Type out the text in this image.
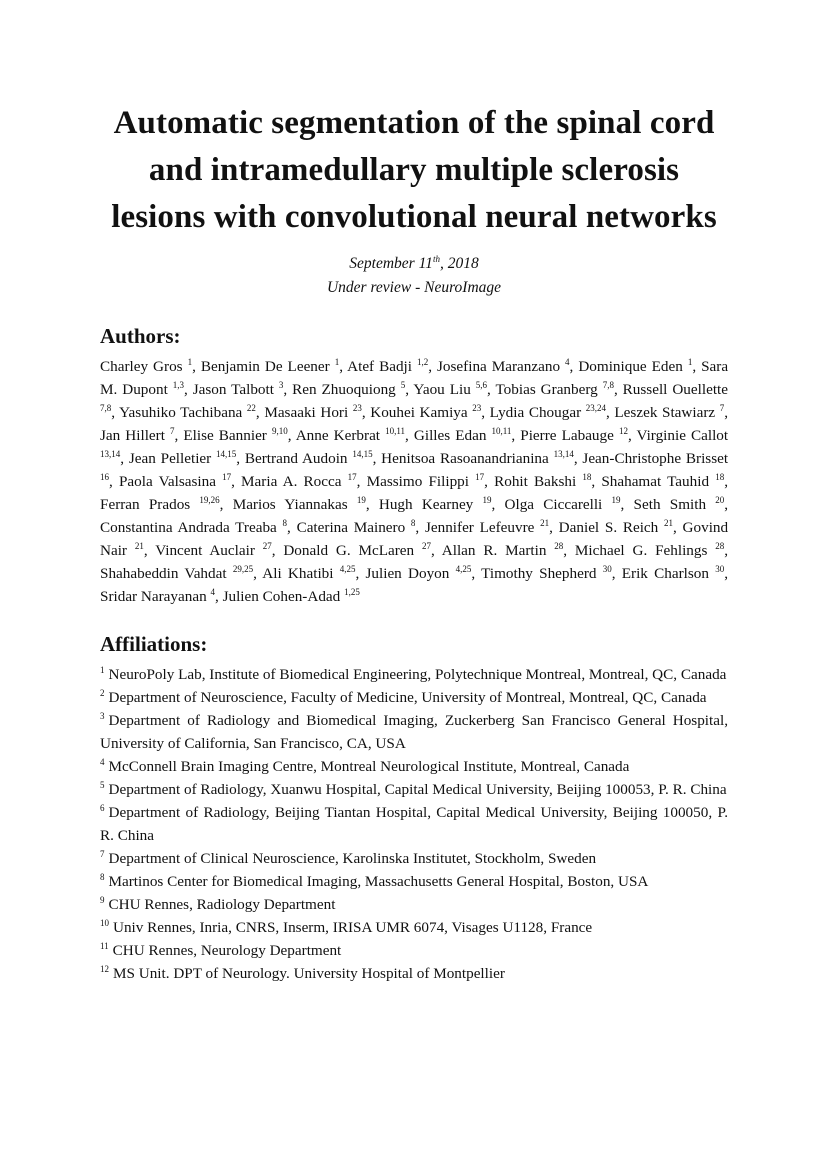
Automatic segmentation of the spinal cord and intramedullary multiple sclerosis lesions with convolutional neural networks
September 11th, 2018
Under review - NeuroImage
Authors:
Charley Gros $^1$, Benjamin De Leener $^1$, Atef Badji $^{1,2}$, Josefina Maranzano $^4$, Dominique Eden $^1$, Sara M. Dupont $^{1,3}$, Jason Talbott $^3$, Ren Zhuoquiong $^5$, Yaou Liu $^{5,6}$, Tobias Granberg $^{7,8}$, Russell Ouellette $^{7,8}$, Yasuhiko Tachibana $^{22}$, Masaaki Hori $^{23}$, Kouhei Kamiya $^{23}$, Lydia Chougar $^{23,24}$, Leszek Stawiarz $^7$, Jan Hillert $^7$, Elise Bannier $^{9,10}$, Anne Kerbrat $^{10,11}$, Gilles Edan $^{10,11}$, Pierre Labauge $^{12}$, Virginie Callot $^{13,14}$, Jean Pelletier $^{14,15}$, Bertrand Audoin $^{14,15}$, Henitsoa Rasoanandrianina $^{13,14}$, Jean-Christophe Brisset $^{16}$, Paola Valsasina $^{17}$, Maria A. Rocca $^{17}$, Massimo Filippi $^{17}$, Rohit Bakshi $^{18}$, Shahamat Tauhid $^{18}$, Ferran Prados $^{19,26}$, Marios Yiannakas $^{19}$, Hugh Kearney $^{19}$, Olga Ciccarelli $^{19}$, Seth Smith $^{20}$, Constantina Andrada Treaba $^8$, Caterina Mainero $^8$, Jennifer Lefeuvre $^{21}$, Daniel S. Reich $^{21}$, Govind Nair $^{21}$, Vincent Auclair $^{27}$, Donald G. McLaren $^{27}$, Allan R. Martin $^{28}$, Michael G. Fehlings $^{28}$, Shahabeddin Vahdat $^{29,25}$, Ali Khatibi $^{4,25}$, Julien Doyon $^{4,25}$, Timothy Shepherd $^{30}$, Erik Charlson $^{30}$, Sridar Narayanan $^4$, Julien Cohen-Adad $^{1,25}$
Affiliations:
$^1$ NeuroPoly Lab, Institute of Biomedical Engineering, Polytechnique Montreal, Montreal, QC, Canada
$^2$ Department of Neuroscience, Faculty of Medicine, University of Montreal, Montreal, QC, Canada
$^3$ Department of Radiology and Biomedical Imaging, Zuckerberg San Francisco General Hospital, University of California, San Francisco, CA, USA
$^4$ McConnell Brain Imaging Centre, Montreal Neurological Institute, Montreal, Canada
$^5$ Department of Radiology, Xuanwu Hospital, Capital Medical University, Beijing 100053, P. R. China
$^6$ Department of Radiology, Beijing Tiantan Hospital, Capital Medical University, Beijing 100050, P. R. China
$^7$ Department of Clinical Neuroscience, Karolinska Institutet, Stockholm, Sweden
$^8$ Martinos Center for Biomedical Imaging, Massachusetts General Hospital, Boston, USA
$^9$ CHU Rennes, Radiology Department
$^{10}$ Univ Rennes, Inria, CNRS, Inserm, IRISA UMR 6074, Visages U1128, France
$^{11}$ CHU Rennes, Neurology Department
$^{12}$ MS Unit. DPT of Neurology. University Hospital of Montpellier
